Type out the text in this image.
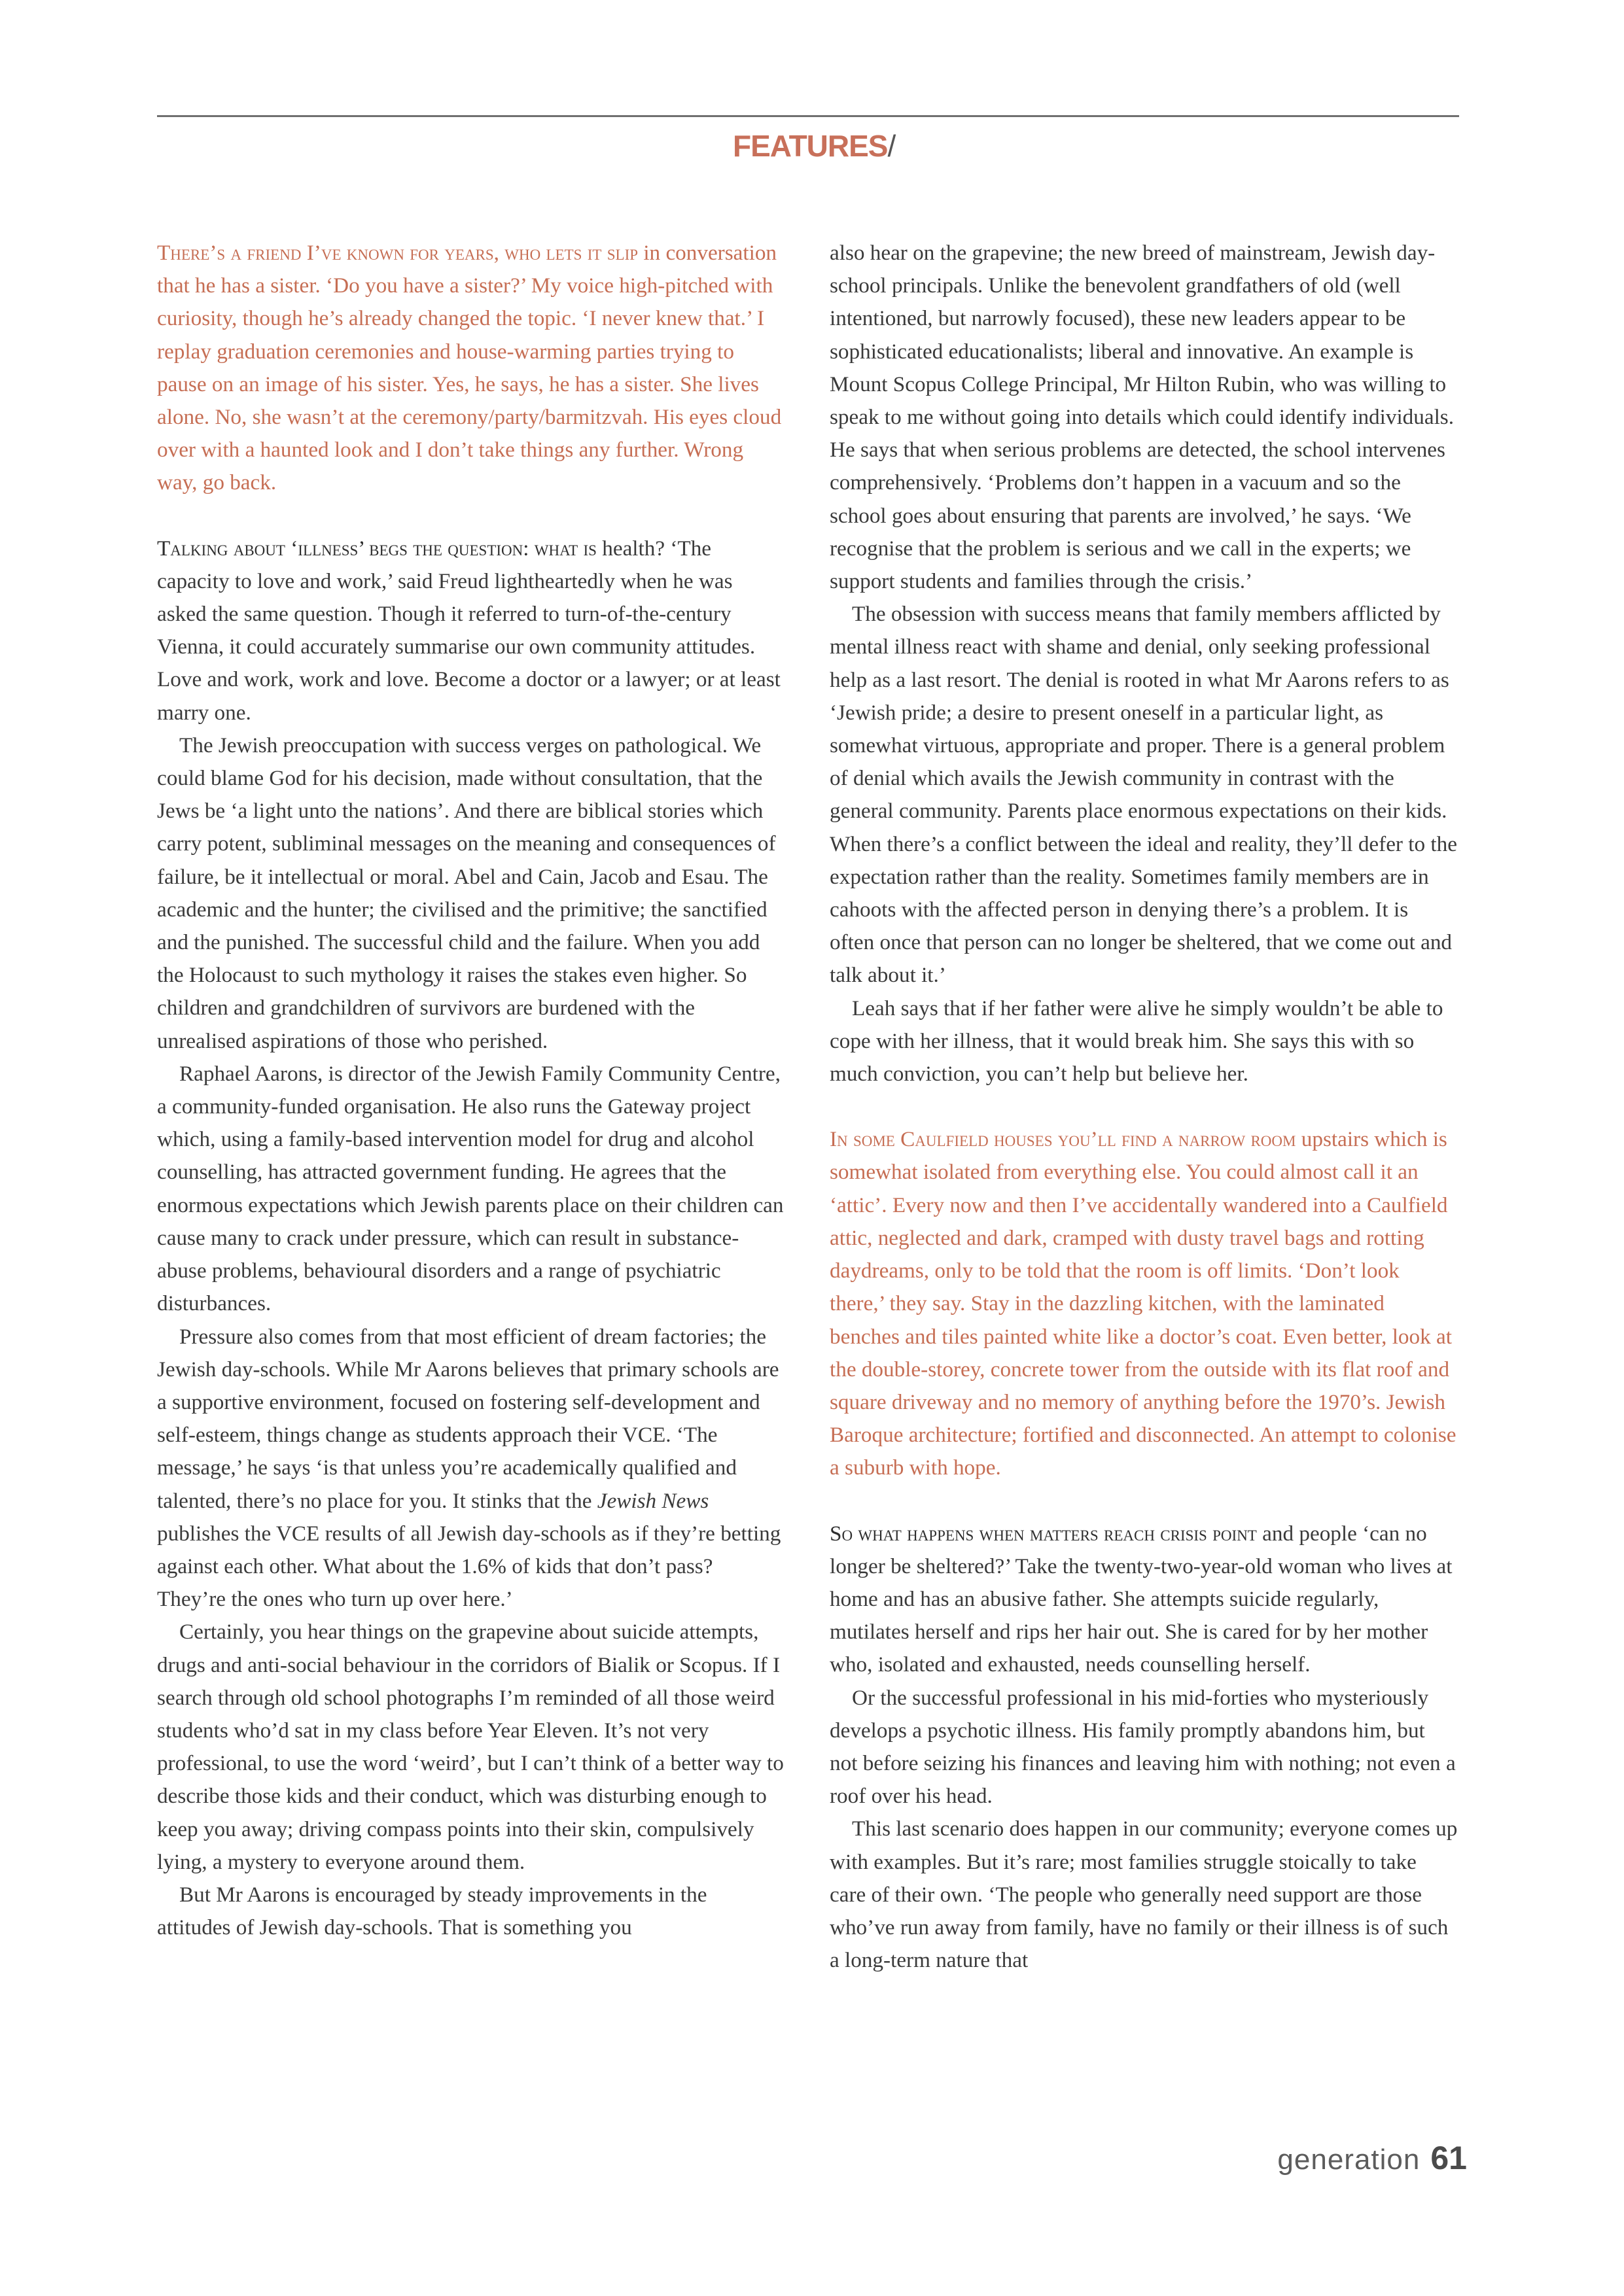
FEATURES/

There’s a friend I’ve known for years, who lets it slip in conversation that he has a sister. ‘Do you have a sister?’ My voice high-pitched with curiosity, though he’s already changed the topic. ‘I never knew that.’ I replay graduation ceremonies and house-warming parties trying to pause on an image of his sister. Yes, he says, he has a sister. She lives alone. No, she wasn’t at the ceremony/party/barmitzvah. His eyes cloud over with a haunted look and I don’t take things any further. Wrong way, go back.

Talking about ‘illness’ begs the question: what is health? ‘The capacity to love and work,’ said Freud lightheartedly when he was asked the same question. Though it referred to turn-of-the-century Vienna, it could accurately summarise our own community attitudes. Love and work, work and love. Become a doctor or a lawyer; or at least marry one.

The Jewish preoccupation with success verges on pathological. We could blame God for his decision, made without consultation, that the Jews be ‘a light unto the nations’. And there are biblical stories which carry potent, subliminal messages on the meaning and consequences of failure, be it intellectual or moral. Abel and Cain, Jacob and Esau. The academic and the hunter; the civilised and the primitive; the sanctified and the punished. The successful child and the failure. When you add the Holocaust to such mythology it raises the stakes even higher. So children and grandchildren of survivors are burdened with the unrealised aspirations of those who perished.

Raphael Aarons, is director of the Jewish Family Community Centre, a community-funded organisation. He also runs the Gateway project which, using a family-based intervention model for drug and alcohol counselling, has attracted government funding. He agrees that the enormous expectations which Jewish parents place on their children can cause many to crack under pressure, which can result in substance-abuse problems, behavioural disorders and a range of psychiatric disturbances.

Pressure also comes from that most efficient of dream factories; the Jewish day-schools. While Mr Aarons believes that primary schools are a supportive environment, focused on fostering self-development and self-esteem, things change as students approach their VCE. ‘The message,’ he says ‘is that unless you’re academically qualified and talented, there’s no place for you. It stinks that the Jewish News publishes the VCE results of all Jewish day-schools as if they’re betting against each other. What about the 1.6% of kids that don’t pass? They’re the ones who turn up over here.’

Certainly, you hear things on the grapevine about suicide attempts, drugs and anti-social behaviour in the corridors of Bialik or Scopus. If I search through old school photographs I’m reminded of all those weird students who’d sat in my class before Year Eleven. It’s not very professional, to use the word ‘weird’, but I can’t think of a better way to describe those kids and their conduct, which was disturbing enough to keep you away; driving compass points into their skin, compulsively lying, a mystery to everyone around them.

But Mr Aarons is encouraged by steady improvements in the attitudes of Jewish day-schools. That is something you

also hear on the grapevine; the new breed of mainstream, Jewish day-school principals. Unlike the benevolent grandfathers of old (well intentioned, but narrowly focused), these new leaders appear to be sophisticated educationalists; liberal and innovative. An example is Mount Scopus College Principal, Mr Hilton Rubin, who was willing to speak to me without going into details which could identify individuals. He says that when serious problems are detected, the school intervenes comprehensively. ‘Problems don’t happen in a vacuum and so the school goes about ensuring that parents are involved,’ he says. ‘We recognise that the problem is serious and we call in the experts; we support students and families through the crisis.’

The obsession with success means that family members afflicted by mental illness react with shame and denial, only seeking professional help as a last resort. The denial is rooted in what Mr Aarons refers to as ‘Jewish pride; a desire to present oneself in a particular light, as somewhat virtuous, appropriate and proper. There is a general problem of denial which avails the Jewish community in contrast with the general community. Parents place enormous expectations on their kids. When there’s a conflict between the ideal and reality, they’ll defer to the expectation rather than the reality. Sometimes family members are in cahoots with the affected person in denying there’s a problem. It is often once that person can no longer be sheltered, that we come out and talk about it.’

Leah says that if her father were alive he simply wouldn’t be able to cope with her illness, that it would break him. She says this with so much conviction, you can’t help but believe her.

In some Caulfield houses you’ll find a narrow room upstairs which is somewhat isolated from everything else. You could almost call it an ‘attic’. Every now and then I’ve accidentally wandered into a Caulfield attic, neglected and dark, cramped with dusty travel bags and rotting daydreams, only to be told that the room is off limits. ‘Don’t look there,’ they say. Stay in the dazzling kitchen, with the laminated benches and tiles painted white like a doctor’s coat. Even better, look at the double-storey, concrete tower from the outside with its flat roof and square driveway and no memory of anything before the 1970’s. Jewish Baroque architecture; fortified and disconnected. An attempt to colonise a suburb with hope.

So what happens when matters reach crisis point and people ‘can no longer be sheltered?’ Take the twenty-two-year-old woman who lives at home and has an abusive father. She attempts suicide regularly, mutilates herself and rips her hair out. She is cared for by her mother who, isolated and exhausted, needs counselling herself.

Or the successful professional in his mid-forties who mysteriously develops a psychotic illness. His family promptly abandons him, but not before seizing his finances and leaving him with nothing; not even a roof over his head.

This last scenario does happen in our community; everyone comes up with examples. But it’s rare; most families struggle stoically to take care of their own. ‘The people who generally need support are those who’ve run away from family, have no family or their illness is of such a long-term nature that

generation 61
